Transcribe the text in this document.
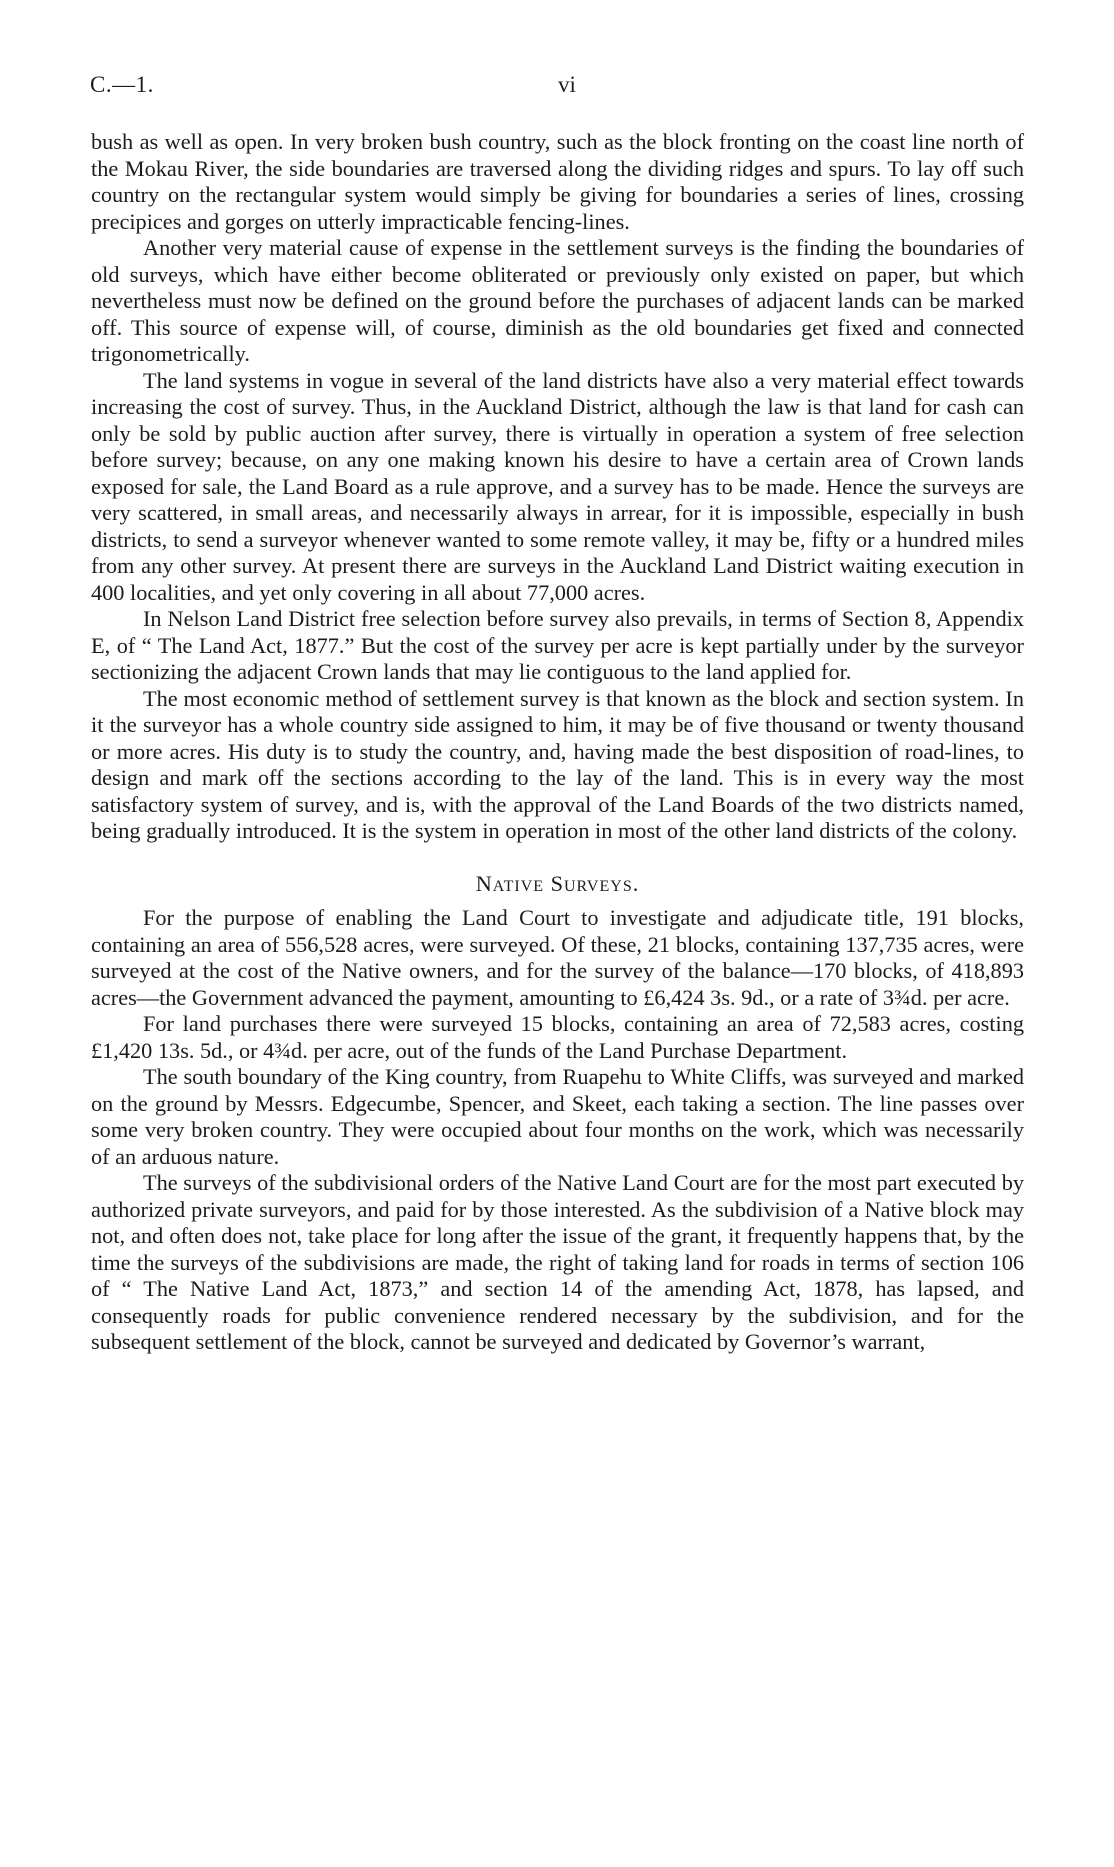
C.—1.	vi

bush as well as open. In very broken bush country, such as the block fronting on the coast line north of the Mokau River, the side boundaries are traversed along the dividing ridges and spurs. To lay off such country on the rectangular system would simply be giving for boundaries a series of lines, crossing precipices and gorges on utterly impracticable fencing-lines.

Another very material cause of expense in the settlement surveys is the finding the boundaries of old surveys, which have either become obliterated or previously only existed on paper, but which nevertheless must now be defined on the ground before the purchases of adjacent lands can be marked off. This source of expense will, of course, diminish as the old boundaries get fixed and connected trigonometrically.

The land systems in vogue in several of the land districts have also a very material effect towards increasing the cost of survey. Thus, in the Auckland District, although the law is that land for cash can only be sold by public auction after survey, there is virtually in operation a system of free selection before survey; because, on any one making known his desire to have a certain area of Crown lands exposed for sale, the Land Board as a rule approve, and a survey has to be made. Hence the surveys are very scattered, in small areas, and necessarily always in arrear, for it is impossible, especially in bush districts, to send a surveyor whenever wanted to some remote valley, it may be, fifty or a hundred miles from any other survey. At present there are surveys in the Auckland Land District waiting execution in 400 localities, and yet only covering in all about 77,000 acres.

In Nelson Land District free selection before survey also prevails, in terms of Section 8, Appendix E, of “ The Land Act, 1877.” But the cost of the survey per acre is kept partially under by the surveyor sectionizing the adjacent Crown lands that may lie contiguous to the land applied for.

The most economic method of settlement survey is that known as the block and section system. In it the surveyor has a whole country side assigned to him, it may be of five thousand or twenty thousand or more acres. His duty is to study the country, and, having made the best disposition of road-lines, to design and mark off the sections according to the lay of the land. This is in every way the most satisfactory system of survey, and is, with the approval of the Land Boards of the two districts named, being gradually introduced. It is the system in operation in most of the other land districts of the colony.

Native Surveys.

For the purpose of enabling the Land Court to investigate and adjudicate title, 191 blocks, containing an area of 556,528 acres, were surveyed. Of these, 21 blocks, containing 137,735 acres, were surveyed at the cost of the Native owners, and for the survey of the balance—170 blocks, of 418,893 acres—the Government advanced the payment, amounting to £6,424 3s. 9d., or a rate of 3¾d. per acre.

For land purchases there were surveyed 15 blocks, containing an area of 72,583 acres, costing £1,420 13s. 5d., or 4¾d. per acre, out of the funds of the Land Purchase Department.

The south boundary of the King country, from Ruapehu to White Cliffs, was surveyed and marked on the ground by Messrs. Edgecumbe, Spencer, and Skeet, each taking a section. The line passes over some very broken country. They were occupied about four months on the work, which was necessarily of an arduous nature.

The surveys of the subdivisional orders of the Native Land Court are for the most part executed by authorized private surveyors, and paid for by those interested. As the subdivision of a Native block may not, and often does not, take place for long after the issue of the grant, it frequently happens that, by the time the surveys of the subdivisions are made, the right of taking land for roads in terms of section 106 of “ The Native Land Act, 1873,” and section 14 of the amending Act, 1878, has lapsed, and consequently roads for public convenience rendered necessary by the subdivision, and for the subsequent settlement of the block, cannot be surveyed and dedicated by Governor’s warrant,
